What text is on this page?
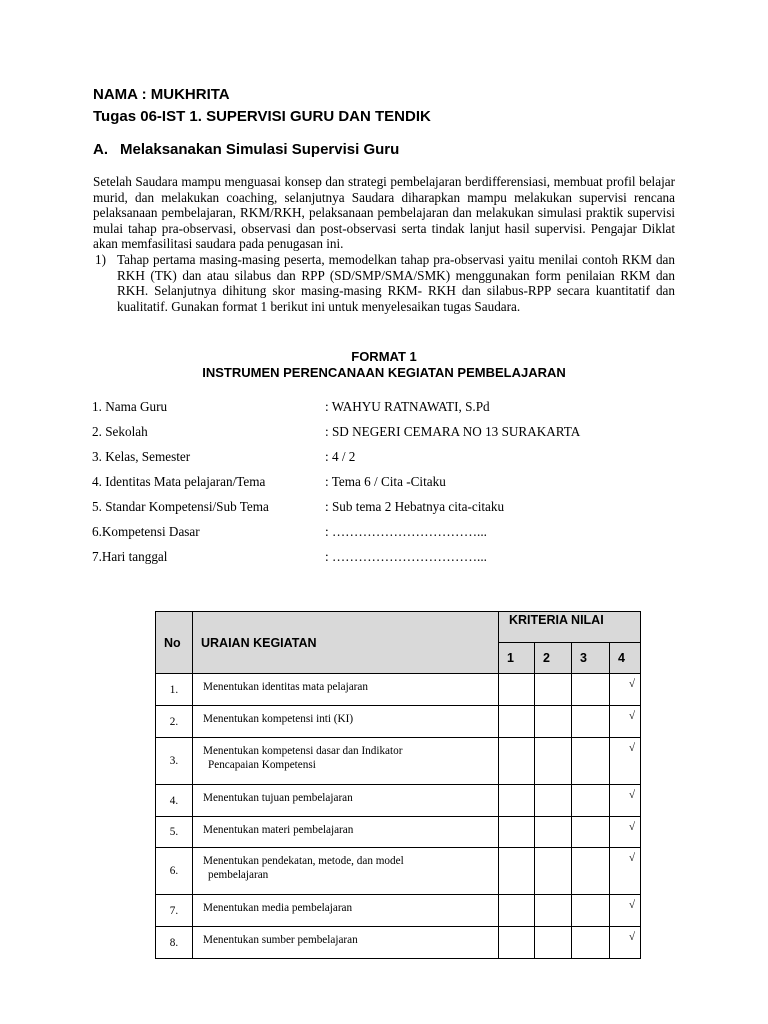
NAMA : MUKHRITA
Tugas 06-IST 1. SUPERVISI GURU DAN TENDIK
A. Melaksanakan Simulasi Supervisi Guru
Setelah Saudara mampu menguasai konsep dan strategi pembelajaran berdifferensiasi, membuat profil belajar murid, dan melakukan coaching, selanjutnya Saudara diharapkan mampu melakukan supervisi rencana pelaksanaan pembelajaran, RKM/RKH, pelaksanaan pembelajaran dan melakukan simulasi praktik supervisi mulai tahap pra-observasi, observasi dan post-observasi serta tindak lanjut hasil supervisi. Pengajar Diklat akan memfasilitasi saudara pada penugasan ini.
1) Tahap pertama masing-masing peserta, memodelkan tahap pra-observasi yaitu menilai contoh RKM dan RKH (TK) dan atau silabus dan RPP (SD/SMP/SMA/SMK) menggunakan form penilaian RKM dan RKH. Selanjutnya dihitung skor masing-masing RKM- RKH dan silabus-RPP secara kuantitatif dan kualitatif. Gunakan format 1 berikut ini untuk menyelesaikan tugas Saudara.
FORMAT 1
INSTRUMEN PERENCANAAN KEGIATAN PEMBELAJARAN
1. Nama Guru	: WAHYU RATNAWATI, S.Pd
2. Sekolah	: SD NEGERI CEMARA NO 13 SURAKARTA
3. Kelas, Semester	: 4 / 2
4. Identitas Mata pelajaran/Tema	: Tema 6 / Cita -Citaku
5. Standar Kompetensi/Sub Tema	: Sub tema 2 Hebatnya cita-citaku
6.Kompetensi Dasar	: ……………………………...
7.Hari tanggal	: ……………………………...
No	URAIAN KEGIATAN	KRITERIA NILAI			
		1	2	3	4
1.	Menentukan identitas mata pelajaran				√
2.	Menentukan kompetensi inti (KI)				√
3.	Menentukan kompetensi dasar dan Indikator
Pencapaian Kompetensi				√
4.	Menentukan tujuan pembelajaran				√
5.	Menentukan materi pembelajaran				√
6.	Menentukan pendekatan, metode, dan model
pembelajaran				√
7.	Menentukan media pembelajaran				√
8.	Menentukan sumber pembelajaran				√
